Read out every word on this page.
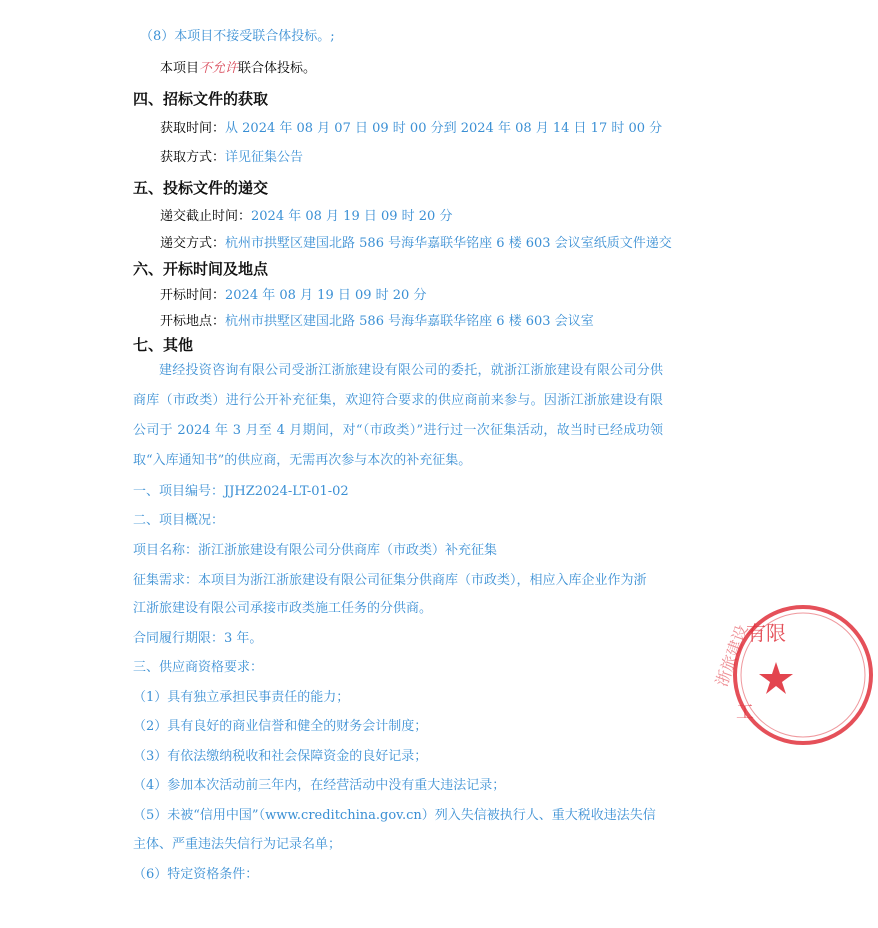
（8）本项目不接受联合体投标。;
本项目不允许联合体投标。
四、招标文件的获取
获取时间：从 2024 年 08 月 07 日 09 时 00 分到 2024 年 08 月 14 日 17 时 00 分
获取方式：详见征集公告
五、投标文件的递交
递交截止时间：2024 年 08 月 19 日 09 时 20 分
递交方式：杭州市拱墅区建国北路 586 号海华嘉联华铭座 6 楼 603 会议室纸质文件递交
六、开标时间及地点
开标时间：2024 年 08 月 19 日 09 时 20 分
开标地点：杭州市拱墅区建国北路 586 号海华嘉联华铭座 6 楼 603 会议室
七、其他
建经投资咨询有限公司受浙江浙旅建设有限公司的委托，就浙江浙旅建设有限公司分供商库（市政类）进行公开补充征集，欢迎符合要求的供应商前来参与。因浙江浙旅建设有限公司于 2024 年 3 月至 4 月期间，对“（市政类）”进行过一次征集活动，故当时已经成功领取“入库通知书”的供应商，无需再次参与本次的补充征集。
一、项目编号：JJHZ2024-LT-01-02
二、项目概况：
项目名称：浙江浙旅建设有限公司分供商库（市政类）补充征集
征集需求：本项目为浙江浙旅建设有限公司征集分供商库（市政类），相应入库企业作为浙
江浙旅建设有限公司承接市政类施工任务的分供商。
合同履行期限：3 年。
三、供应商资格要求：
（1）具有独立承担民事责任的能力；
（2）具有良好的商业信誉和健全的财务会计制度；
（3）有依法缴纳税收和社会保障资金的良好记录；
（4）参加本次活动前三年内，在经营活动中没有重大违法记录；
（5）未被“信用中国”（www.creditchina.gov.cn）列入失信被执行人、重大税收违法失信
主体、严重违法失信行为记录名单；
（6）特定资格条件：
有限
工
浙旅建设
